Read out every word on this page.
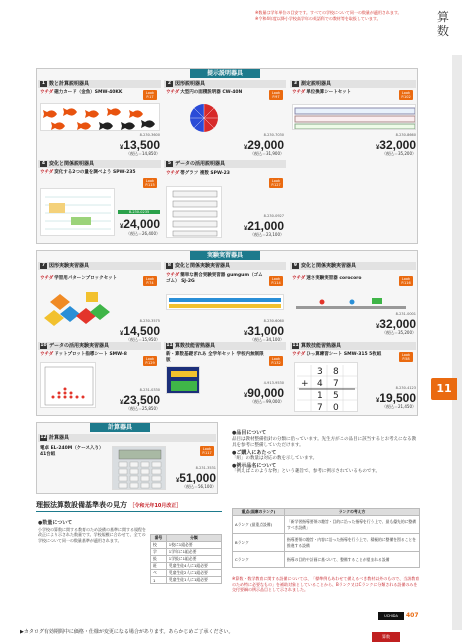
※数量は学年単位の目安です。すべての学校について同一の数量が適用されます。
※令和4年度以降小学校高学年の英語科での教材等を取扱しています。	算数
11
提示説明器具
1 数と計算説明器具
ウチダ磁力カード（金魚）SMW-40KK	Look P.17
8-230-3600
¥13,500
（税込＝14,850）
2 図形説明器具
ウチダ大型円の面積説明器 CW-40N	Look P.97
8-230-7030
¥29,000
（税込＝31,900）
3 測定説明器具
ウチダ単位換算シートセット	Look P.102
8-230-8660
¥32,000
（税込＝35,200）
4 変化と関係説明器具
ウチダ変化する2つの量を調べよう SPW-235
Look P.115
8-230-0235
¥24,000
（税込＝26,400）
5 データの活用説明器具
ウチダ帯グラフ 複数 SPW-23
Look P.127
8-230-0927
¥21,000
（税込＝23,100）
実験実習器具
7 図形実験実習器具
ウチダ学習用パターンブロックセット	Look P.74
8-230-3575
¥14,500
（税込＝15,950）
8 変化と関係実験実習器具
ウチダ簡単な割合実験実習器 gumgum（ゴムゴム） SJ-2G	Look P.114
8-230-6060
¥31,000
（税込＝34,100）
9 変化と関係実験実習器具
ウチダ速さ実験実習器 corocoro	Look P.116
8-231-0001
¥32,000
（税込＝35,200）
10 データの活用実験実習器具
ウチダドットプロット指導シート SMW-8
Look P.129
8-231-0330
¥23,500
（税込＝25,850）
11 算数技能習熟器具
新・算数基礎ぎれあ 全学年セット 学校内無制限版	Look P.132
4-913-9530
¥90,000
（税込＝99,000）
11 算数技能習熟器具
ウチダひっ算練習シート SMW-315 5枚組	Look P.58
3 8
+ 4 7
1 5
7 0
8-230-4123
¥19,500
（税込＝21,450）
計算器具
12 計算器具
電卓 EL-240M（ケース入り） 41台組
Look P.117
8-231-3531
¥51,000
（税込＝56,100）
●品目について
品目は教材整備指針の分類に沿っています。先生方がこの品目に該当するとお考えになる教具を参考に整備していただけます。
●ご購入にあたって
「組」の数量は対応の数を示しています。
●例示品名について
「例えばこのような物」という趣旨で、参考に例示されているものです。
理振法算数設備基準表の見方 ［令和元年10月改正］
●数量について
小学校の算数に関する教育のため設備の基準に関する規程を改正により示された数量です。学校規模に合わせて、全ての学校について同一の数量基準が適用されます。	番号	分類
校	1校に1組必要
学	1学年に1組必要
級	1学級に1組必要
班	児童生徒4人に1組必要
ペ	児童生徒2人に1組必要
1	児童生徒1人に1組必要
重点(国庫のランク)	ランクの考え方
Aランク (最重点設備)	「新学習指導要領の趣旨・目的に沿った指導を行う上で、最も優先的に整備すべき設備」
Bランク	指導要領の趣旨・内容に沿った指導を行う上で、積極的に整備を図ることを推進する設備
Cランク	指導の目的や計画に基づいて、整備することが望まれる設備
※算数・数学教育に関する設備については、「標準例もあわせて備えるべき教材以外のもので、当該教育のため特に必要なもの」を補助対象としていることから、Bランク又はCランクに分類される設備のみを交付要綱の例示品目として示されました。
UCHIDA	407
▶カタログ有効期間中に価格・仕様が変更になる場合があります。あらかじめご了承ください。
算数
